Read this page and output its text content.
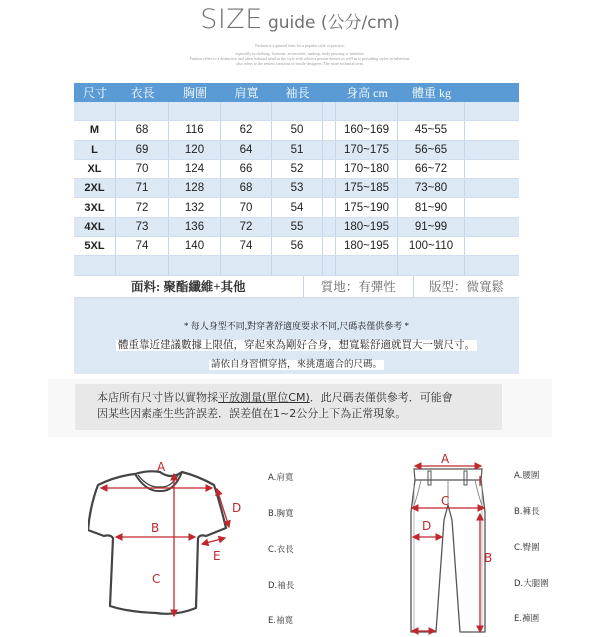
SIZE guide (公分/cm)
Fashion is a general term for a popular style or practice,
especially in clothing, footwear, accessories, makeup, body piercing or furniture.
Fashion refers to a distinctive and often habitual trend in the style with which a person dresses as well as to prevailing styles in behaviour.
also refers to the newest creations of textile designers. The more technical term.
尺寸	衣長	胸圍	肩寬	袖長	身高 cm	體重 kg
M	68	116	62	50	160~169	45~55
L	69	120	64	51	170~175	56~65
XL	70	124	66	52	170~180	66~72
2XL	71	128	68	53	175~185	73~80
3XL	72	132	70	54	175~190	81~90
4XL	73	136	72	55	180~195	91~99
5XL	74	140	74	56	180~195	100~110
面料: 聚酯纖維+其他	質地：有彈性	版型：微寬鬆
* 每人身型不同,對穿著舒適度要求不同,尺碼表僅供參考 *
體重靠近建議數據上限值，穿起來為剛好合身，想寬鬆舒適就買大一號尺寸。
請依自身習慣穿搭，來挑選適合的尺碼。
本店所有尺寸皆以實物採平放測量(單位CM)．此尺碼表僅供參考．可能會
因某些因素產生些許誤差．誤差值在1~2公分上下為正常現象。
A
B
C
D
E
A.肩寬
B.胸寬
C.衣長
D.袖長
E.袖寬
A
C
D
B
A.腰圍
B.褲長
C.臀圍
D.大腿圍
E.褲圍
